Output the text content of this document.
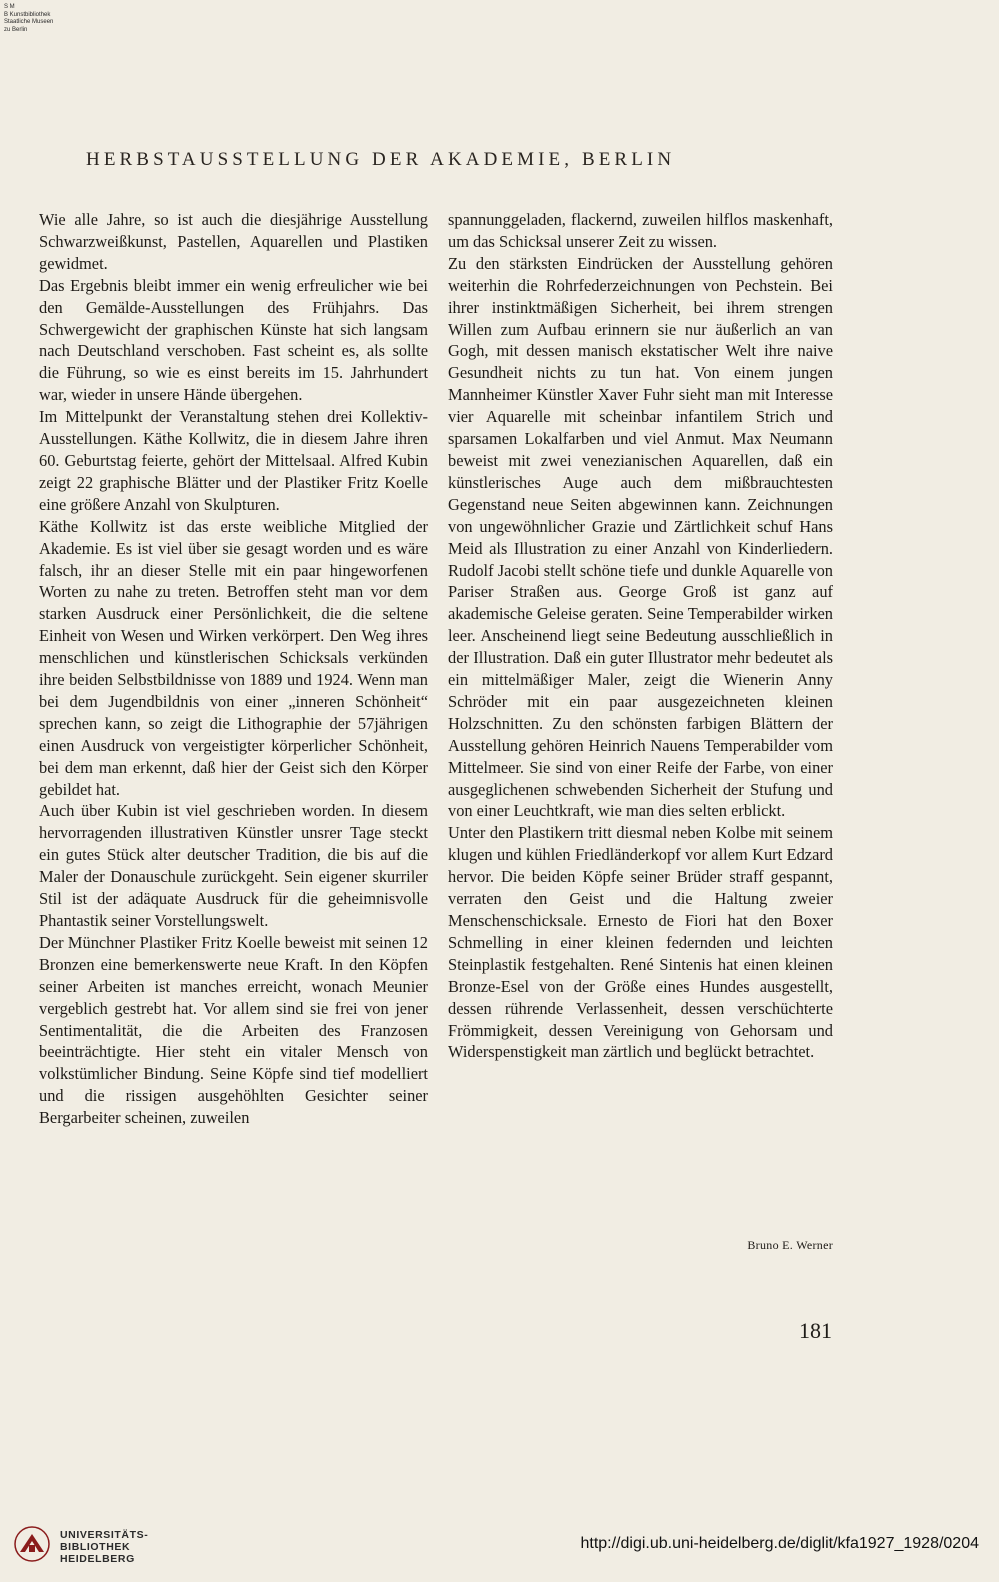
S M
B Kunstbibliothek
Staatliche Museen
zu Berlin
HERBSTAUSSTELLUNG DER AKADEMIE, BERLIN

Wie alle Jahre, so ist auch die diesjährige Ausstellung Schwarzweißkunst, Pastellen, Aquarellen und Plastiken gewidmet.

Das Ergebnis bleibt immer ein wenig erfreulicher wie bei den Gemälde-Ausstellungen des Frühjahrs. Das Schwergewicht der graphischen Künste hat sich langsam nach Deutschland verschoben. Fast scheint es, als sollte die Führung, so wie es einst bereits im 15. Jahrhundert war, wieder in unsere Hände übergehen.

Im Mittelpunkt der Veranstaltung stehen drei Kollektiv-Ausstellungen. Käthe Kollwitz, die in diesem Jahre ihren 60. Geburtstag feierte, gehört der Mittelsaal. Alfred Kubin zeigt 22 graphische Blätter und der Plastiker Fritz Koelle eine größere Anzahl von Skulpturen.

Käthe Kollwitz ist das erste weibliche Mitglied der Akademie. Es ist viel über sie gesagt worden und es wäre falsch, ihr an dieser Stelle mit ein paar hingeworfenen Worten zu nahe zu treten. Betroffen steht man vor dem starken Ausdruck einer Persönlichkeit, die die seltene Einheit von Wesen und Wirken verkörpert. Den Weg ihres menschlichen und künstlerischen Schicksals verkünden ihre beiden Selbstbildnisse von 1889 und 1924. Wenn man bei dem Jugendbildnis von einer „inneren Schönheit“ sprechen kann, so zeigt die Lithographie der 57jährigen einen Ausdruck von vergeistigter körperlicher Schönheit, bei dem man erkennt, daß hier der Geist sich den Körper gebildet hat.

Auch über Kubin ist viel geschrieben worden. In diesem hervorragenden illustrativen Künstler unsrer Tage steckt ein gutes Stück alter deutscher Tradition, die bis auf die Maler der Donauschule zurückgeht. Sein eigener skurriler Stil ist der adäquate Ausdruck für die geheimnisvolle Phantastik seiner Vorstellungswelt.

Der Münchner Plastiker Fritz Koelle beweist mit seinen 12 Bronzen eine bemerkenswerte neue Kraft. In den Köpfen seiner Arbeiten ist manches erreicht, wonach Meunier vergeblich gestrebt hat. Vor allem sind sie frei von jener Sentimentalität, die die Arbeiten des Franzosen beeinträchtigte. Hier steht ein vitaler Mensch von volkstümlicher Bindung. Seine Köpfe sind tief modelliert und die rissigen ausgehöhlten Gesichter seiner Bergarbeiter scheinen, zuweilen

spannunggeladen, flackernd, zuweilen hilflos maskenhaft, um das Schicksal unserer Zeit zu wissen.

Zu den stärksten Eindrücken der Ausstellung gehören weiterhin die Rohrfederzeichnungen von Pechstein. Bei ihrer instinktmäßigen Sicherheit, bei ihrem strengen Willen zum Aufbau erinnern sie nur äußerlich an van Gogh, mit dessen manisch ekstatischer Welt ihre naive Gesundheit nichts zu tun hat. Von einem jungen Mannheimer Künstler Xaver Fuhr sieht man mit Interesse vier Aquarelle mit scheinbar infantilem Strich und sparsamen Lokalfarben und viel Anmut. Max Neumann beweist mit zwei venezianischen Aquarellen, daß ein künstlerisches Auge auch dem mißbrauchtesten Gegenstand neue Seiten abgewinnen kann. Zeichnungen von ungewöhnlicher Grazie und Zärtlichkeit schuf Hans Meid als Illustration zu einer Anzahl von Kinderliedern. Rudolf Jacobi stellt schöne tiefe und dunkle Aquarelle von Pariser Straßen aus. George Groß ist ganz auf akademische Geleise geraten. Seine Temperabilder wirken leer. Anscheinend liegt seine Bedeutung ausschließlich in der Illustration. Daß ein guter Illustrator mehr bedeutet als ein mittelmäßiger Maler, zeigt die Wienerin Anny Schröder mit ein paar ausgezeichneten kleinen Holzschnitten. Zu den schönsten farbigen Blättern der Ausstellung gehören Heinrich Nauens Temperabilder vom Mittelmeer. Sie sind von einer Reife der Farbe, von einer ausgeglichenen schwebenden Sicherheit der Stufung und von einer Leuchtkraft, wie man dies selten erblickt.

Unter den Plastikern tritt diesmal neben Kolbe mit seinem klugen und kühlen Friedländerkopf vor allem Kurt Edzard hervor. Die beiden Köpfe seiner Brüder straff gespannt, verraten den Geist und die Haltung zweier Menschenschicksale. Ernesto de Fiori hat den Boxer Schmelling in einer kleinen federnden und leichten Steinplastik festgehalten. René Sintenis hat einen kleinen Bronze-Esel von der Größe eines Hundes ausgestellt, dessen rührende Verlassenheit, dessen verschüchterte Frömmigkeit, dessen Vereinigung von Gehorsam und Widerspenstigkeit man zärtlich und beglückt betrachtet.

Bruno E. Werner
181
UNIVERSITÄTS-
BIBLIOTHEK
HEIDELBERG
http://digi.ub.uni-heidelberg.de/diglit/kfa1927_1928/0204
